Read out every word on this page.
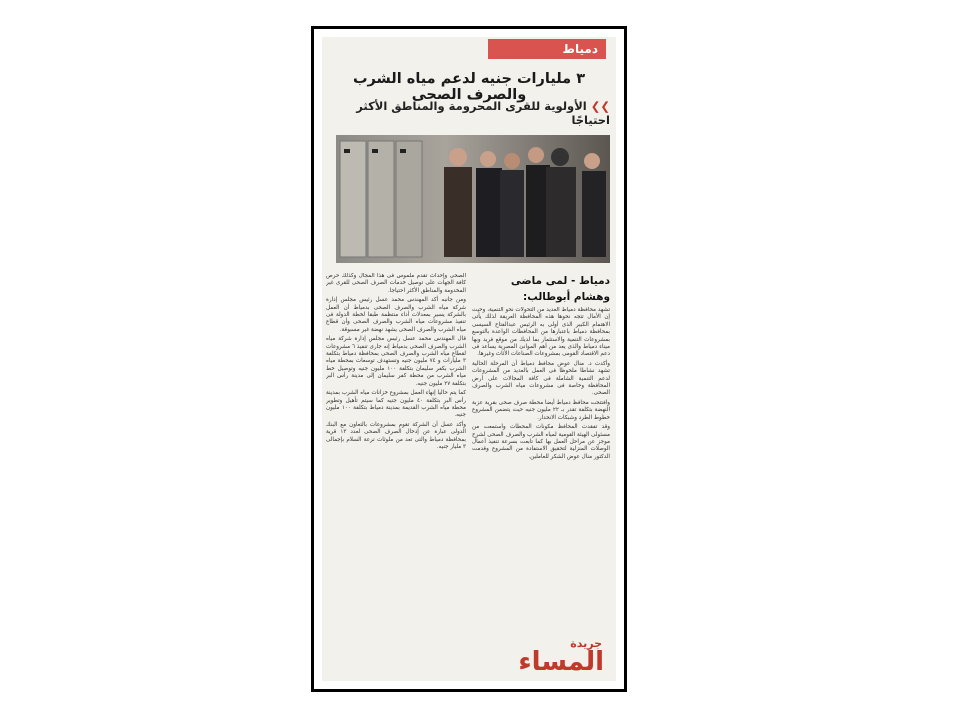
دمياط
٣ مليارات جنيه لدعم مياه الشرب والصرف الصحى
❯❯الأولوية للقرى المحرومة والمناطق الأكثر احتياجًا
دمياط - لمى ماضى
وهشام أبوطالب:

تشهد محافظة دمياط العديد من التحولات نحو التنمية، وحيث إن الأمال تتجه نحوها هذه المحافظة العريقة لذلك يأتى الاهتمام الكبير الذى أولى به الرئيس عبدالفتاح السيسى بمحافظة دمياط باعتبارها من المحافظات الواعدة بالتوسع بمشروعات التنمية والاستثمار بما لديك من موقع فريد وبها ميناء دمياط والذى يعد من أهم الموانئ المصرية يساعد فى دعم الاقتصاد القومى بمشروعات الصناعات الأثاث وغيرها.

وأكدت د. منال عوض محافظ دمياط أن المرحلة الحالية تشهد نشاطا ملحوظا فى العمل بالعديد من المشروعات لدعم التنمية الشاملة فى كافة المجالات على أرض المحافظة وخاصة فى مشروعات مياه الشرب والصرف الصحى.

وافتتحت محافظ دمياط أيضا محطة صرف صحى بقرية عزبة النهضة بتكلفة تقدر بـ ٢٢ مليون جنيه حيث يتضمن المشروع خطوط الطرد وشبكات الانحدار.

وقد تفقدت المحافظ مكونات المحطات واستمعت من مسئولى الهيئة القومية لمياه الشرب والصرف الصحى لشرح موجز عن مراحل العمل بها كما تابعت بسرعة تنفيذ أعمال الوصلات المنزلية لتحقيق الاستفادة من المشروع وقدمت الدكتور منال عوض الشكر للعاملين.

الصحى وإحداث تقدم ملموس فى هذا المجال وكذلك حرص كافة الجهات على توصيل خدمات الصرف الصحى للقرى غير المخدومة والمناطق الأكثر احتياجا.

ومن جانبه أكد المهندس محمد عسل رئيس مجلس إدارة شركة مياه الشرب والصرف الصحى بدمياط أن العمل بالشركة يسير بمعدلات أداء منتظمة طبقا لخطة الدولة فى تنفيذ مشروعات مياه الشرب والصرف الصحى وأن قطاع مياه الشرب والصرف الصحى يشهد نهضة غير مسبوقة.

قال المهندس محمد عسل رئيس مجلس إدارة شركة مياه الشرب والصرف الصحى بدمياط إنه جارى تنفيذ ٦ مشروعات لقطاع مياه الشرب والصرف الصحى بمحافظة دمياط بتكلفة ٣ مليارات و ٧٤ مليون جنيه وتستهدف توسعات بمحطة مياه الشرب بكفر سليمان بتكلفة ١٠٠ مليون جنيه وتوصيل خط مياه الشرب من محطة كفر سليمان إلى مدينة رأس البر بتكلفة ٢٧ مليون جنيه.

كما يتم حاليا إنهاء العمل بمشروع خزانات مياه الشرب بمدينة رأس البر بتكلفة ٤٠ مليون جنيه كما سيتم تأهيل وتطوير محطة مياه الشرب القديمة بمدينة دمياط بتكلفة ١٠٠ مليون جنيه.

وأكد عسل أن الشركة تقوم بمشروعات بالتعاون مع البنك الدولى عبارة عن إدخال الصرف الصحى لعدد ١٣ قرية بمحافظة دمياط والتى تعد من ملوثات ترعة السلام بإجمالى ٣ مليار جنيه.

جريدة
المساء
